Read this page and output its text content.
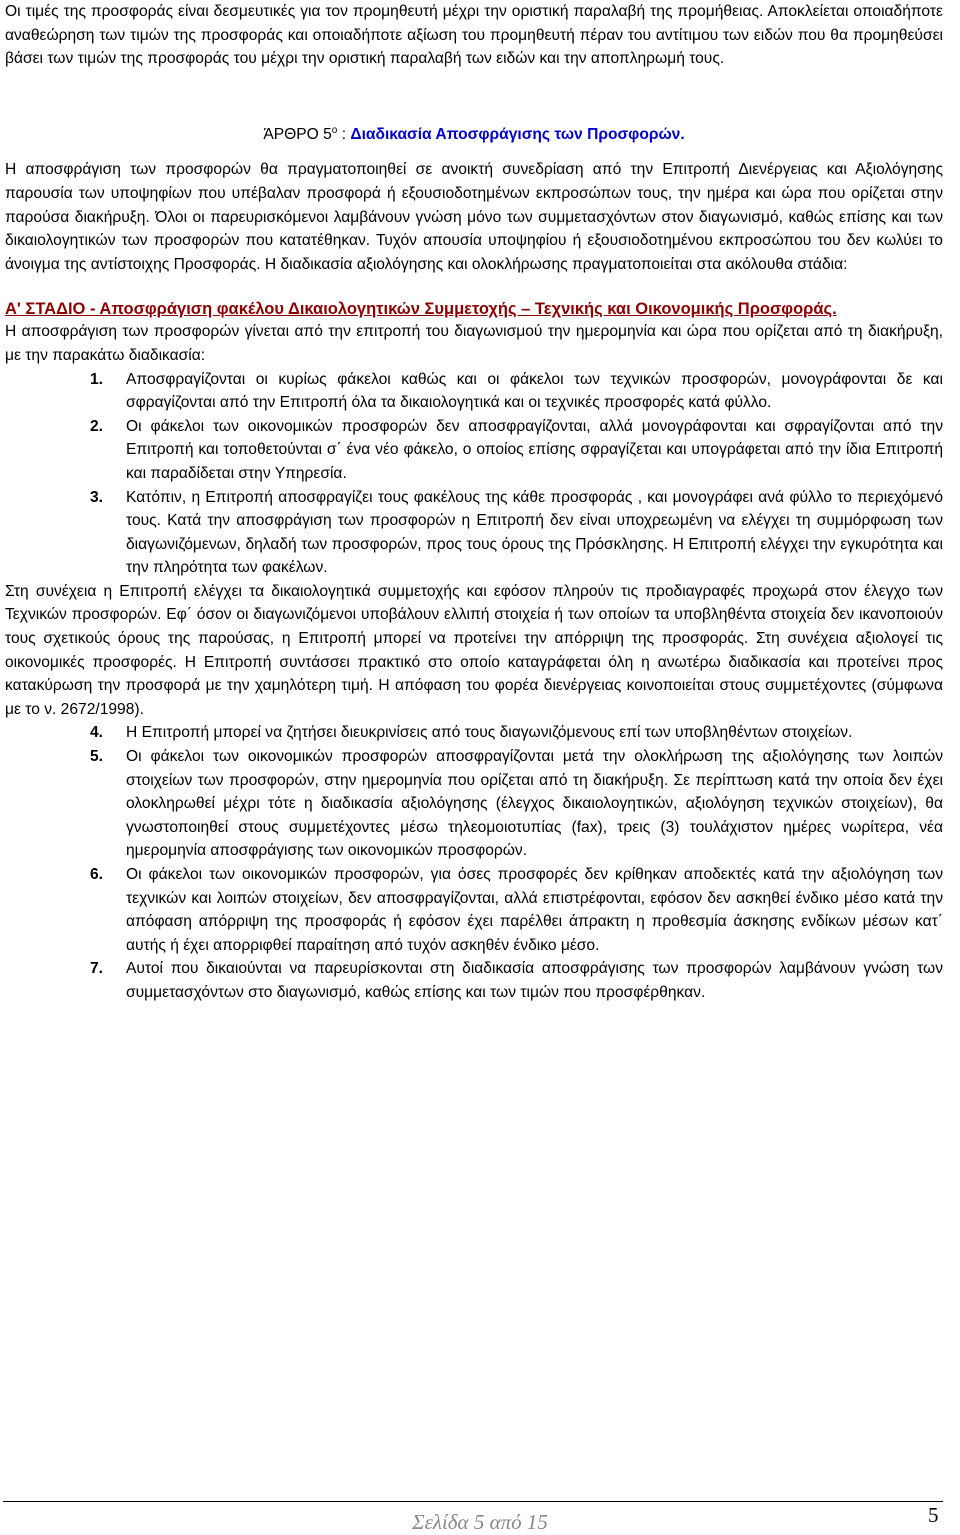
Οι τιμές της προσφοράς είναι δεσμευτικές για τον προμηθευτή μέχρι την οριστική παραλαβή της προμήθειας. Αποκλείεται οποιαδήποτε αναθεώρηση των τιμών της προσφοράς και οποιαδήποτε αξίωση του προμηθευτή πέραν του αντίτιμου των ειδών που θα προμηθεύσει βάσει των τιμών της προσφοράς του μέχρι την οριστική παραλαβή των ειδών και την αποπληρωμή τους.

ΆΡΘΡΟ $5^o$ : Διαδικασία Αποσφράγισης των Προσφορών.

Η αποσφράγιση των προσφορών θα πραγματοποιηθεί σε ανοικτή συνεδρίαση από την Επιτροπή Διενέργειας και Αξιολόγησης παρουσία των υποψηφίων που υπέβαλαν προσφορά ή εξουσιοδοτημένων εκπροσώπων τους, την ημέρα και ώρα που ορίζεται στην παρούσα διακήρυξη. Όλοι οι παρευρισκόμενοι λαμβάνουν γνώση μόνο των συμμετασχόντων στον διαγωνισμό, καθώς επίσης και των δικαιολογητικών των προσφορών που κατατέθηκαν. Τυχόν απουσία υποψηφίου ή εξουσιοδοτημένου εκπροσώπου του δεν κωλύει το άνοιγμα της αντίστοιχης Προσφοράς. Η διαδικασία αξιολόγησης και ολοκλήρωσης πραγματοποιείται στα ακόλουθα στάδια:

Α' ΣΤΑΔΙΟ - Αποσφράγιση φακέλου Δικαιολογητικών Συμμετοχής – Τεχνικής και Οικονομικής Προσφοράς.

Η αποσφράγιση των προσφορών γίνεται από την επιτροπή του διαγωνισμού την ημερομηνία και ώρα που ορίζεται από τη διακήρυξη, με την παρακάτω διαδικασία:

1.	Αποσφραγίζονται οι κυρίως φάκελοι καθώς και οι φάκελοι των τεχνικών προσφορών, μονογράφονται δε και σφραγίζονται από την Επιτροπή όλα τα δικαιολογητικά και οι τεχνικές προσφορές κατά φύλλο.
2.	Οι φάκελοι των οικονομικών προσφορών δεν αποσφραγίζονται, αλλά μονογράφονται και σφραγίζονται από την Επιτροπή και τοποθετούνται σ΄ ένα νέο φάκελο, ο οποίος επίσης σφραγίζεται και υπογράφεται από την ίδια Επιτροπή και παραδίδεται στην Υπηρεσία.
3.	Κατόπιν, η Επιτροπή αποσφραγίζει τους φακέλους της κάθε προσφοράς , και μονογράφει ανά φύλλο το περιεχόμενό τους. Κατά την αποσφράγιση των προσφορών η Επιτροπή δεν είναι υποχρεωμένη να ελέγχει τη συμμόρφωση των διαγωνιζόμενων, δηλαδή των προσφορών, προς τους όρους της Πρόσκλησης. Η Επιτροπή ελέγχει την εγκυρότητα και την πληρότητα των φακέλων.

Στη συνέχεια η Επιτροπή ελέγχει τα δικαιολογητικά συμμετοχής και εφόσον πληρούν τις προδιαγραφές προχωρά στον έλεγχο των Τεχνικών προσφορών. Εφ΄ όσον οι διαγωνιζόμενοι υποβάλουν ελλιπή στοιχεία ή των οποίων τα υποβληθέντα στοιχεία δεν ικανοποιούν τους σχετικούς όρους της παρούσας, η Επιτροπή μπορεί να προτείνει την απόρριψη της προσφοράς. Στη συνέχεια αξιολογεί τις οικονομικές προσφορές. Η Επιτροπή συντάσσει πρακτικό στο οποίο καταγράφεται όλη η ανωτέρω διαδικασία και προτείνει προς κατακύρωση την προσφορά με την χαμηλότερη τιμή. Η απόφαση του φορέα διενέργειας κοινοποιείται στους συμμετέχοντες (σύμφωνα με το ν. 2672/1998).

4.	Η Επιτροπή μπορεί να ζητήσει διευκρινίσεις από τους διαγωνιζόμενους επί των υποβληθέντων στοιχείων.
5.	Οι φάκελοι των οικονομικών προσφορών αποσφραγίζονται μετά την ολοκλήρωση της αξιολόγησης των λοιπών στοιχείων των προσφορών, στην ημερομηνία που ορίζεται από τη διακήρυξη. Σε περίπτωση κατά την οποία δεν έχει ολοκληρωθεί μέχρι τότε η διαδικασία αξιολόγησης (έλεγχος δικαιολογητικών, αξιολόγηση τεχνικών στοιχείων), θα γνωστοποιηθεί στους συμμετέχοντες μέσω τηλεομοιοτυπίας (fax), τρεις (3) τουλάχιστον ημέρες νωρίτερα, νέα ημερομηνία αποσφράγισης των οικονομικών προσφορών.
6.	Οι φάκελοι των οικονομικών προσφορών, για όσες προσφορές δεν κρίθηκαν αποδεκτές κατά την αξιολόγηση των τεχνικών και λοιπών στοιχείων, δεν αποσφραγίζονται, αλλά επιστρέφονται, εφόσον δεν ασκηθεί ένδικο μέσο κατά την απόφαση απόρριψη της προσφοράς ή εφόσον έχει παρέλθει άπρακτη η προθεσμία άσκησης ενδίκων μέσων κατ΄ αυτής ή έχει απορριφθεί παραίτηση από τυχόν ασκηθέν ένδικο μέσο.
7.	Αυτοί που δικαιούνται να παρευρίσκονται στη διαδικασία αποσφράγισης των προσφορών λαμβάνουν γνώση των συμμετασχόντων στο διαγωνισμό, καθώς επίσης και των τιμών που προσφέρθηκαν.
Σελίδα 5 από 15	5
